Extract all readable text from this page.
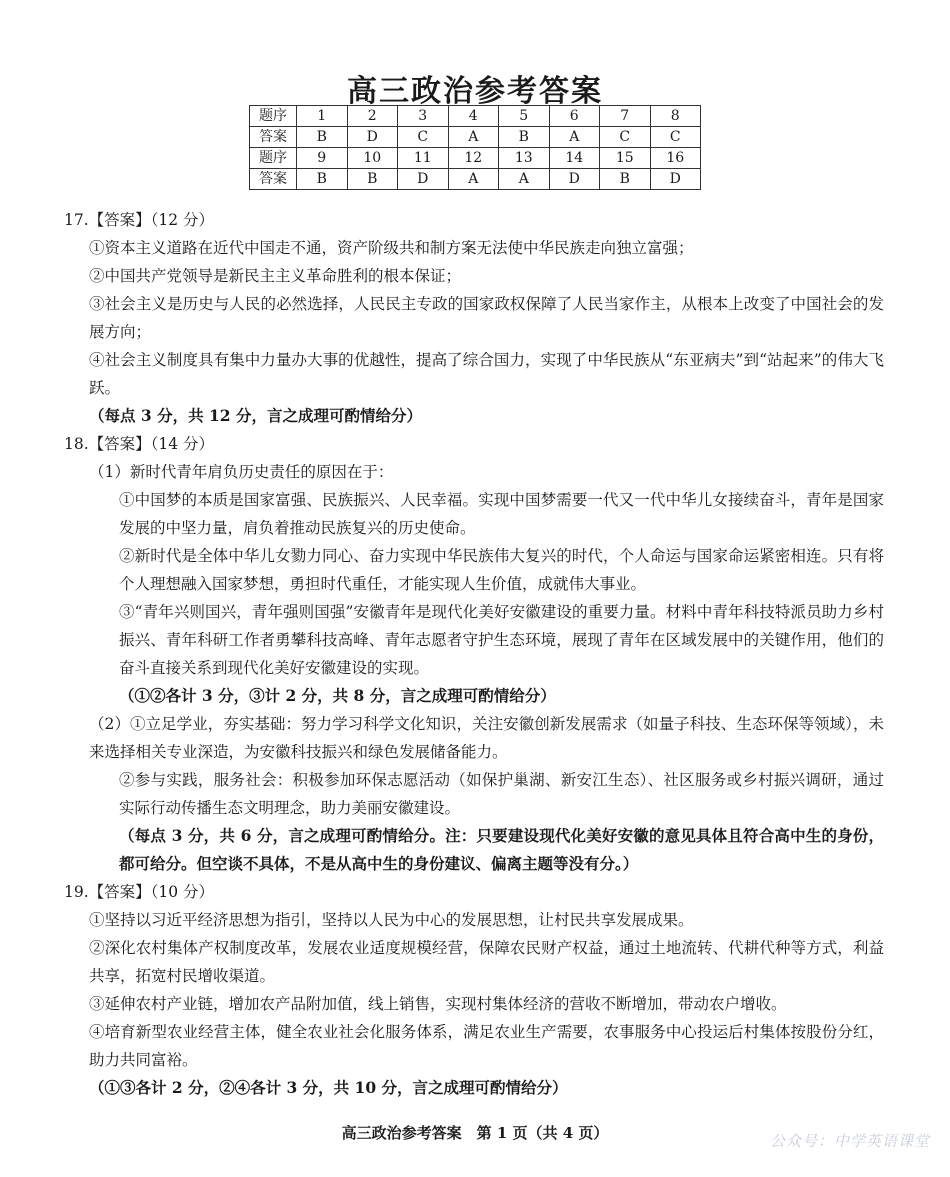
高三政治参考答案
题序	1	2	3	4	5	6	7	8
答案	B	D	C	A	B	A	C	C
题序	9	10	11	12	13	14	15	16
答案	B	B	D	A	A	D	B	D

17.【答案】（12 分）

①资本主义道路在近代中国走不通，资产阶级共和制方案无法使中华民族走向独立富强；

②中国共产党领导是新民主主义革命胜利的根本保证；

③社会主义是历史与人民的必然选择，人民民主专政的国家政权保障了人民当家作主，从根本上改变了中国社会的发展方向；

④社会主义制度具有集中力量办大事的优越性，提高了综合国力，实现了中华民族从“东亚病夫”到“站起来”的伟大飞跃。

（每点 3 分，共 12 分，言之成理可酌情给分）

18.【答案】（14 分）

（1）新时代青年肩负历史责任的原因在于：

①中国梦的本质是国家富强、民族振兴、人民幸福。实现中国梦需要一代又一代中华儿女接续奋斗，青年是国家发展的中坚力量，肩负着推动民族复兴的历史使命。

②新时代是全体中华儿女勠力同心、奋力实现中华民族伟大复兴的时代，个人命运与国家命运紧密相连。只有将个人理想融入国家梦想，勇担时代重任，才能实现人生价值，成就伟大事业。

③“青年兴则国兴，青年强则国强”安徽青年是现代化美好安徽建设的重要力量。材料中青年科技特派员助力乡村振兴、青年科研工作者勇攀科技高峰、青年志愿者守护生态环境，展现了青年在区域发展中的关键作用，他们的奋斗直接关系到现代化美好安徽建设的实现。

（①②各计 3 分，③计 2 分，共 8 分，言之成理可酌情给分）

（2）①立足学业，夯实基础：努力学习科学文化知识，关注安徽创新发展需求（如量子科技、生态环保等领域），未来选择相关专业深造，为安徽科技振兴和绿色发展储备能力。

②参与实践，服务社会：积极参加环保志愿活动（如保护巢湖、新安江生态）、社区服务或乡村振兴调研，通过实际行动传播生态文明理念，助力美丽安徽建设。

（每点 3 分，共 6 分，言之成理可酌情给分。注：只要建设现代化美好安徽的意见具体且符合高中生的身份，都可给分。但空谈不具体，不是从高中生的身份建议、偏离主题等没有分。）

19.【答案】（10 分）

①坚持以习近平经济思想为指引，坚持以人民为中心的发展思想，让村民共享发展成果。

②深化农村集体产权制度改革，发展农业适度规模经营，保障农民财产权益，通过土地流转、代耕代种等方式，利益共享，拓宽村民增收渠道。

③延伸农村产业链，增加农产品附加值，线上销售，实现村集体经济的营收不断增加，带动农户增收。

④培育新型农业经营主体，健全农业社会化服务体系，满足农业生产需要，农事服务中心投运后村集体按股份分红，助力共同富裕。

（①③各计 2 分，②④各计 3 分，共 10 分，言之成理可酌情给分）

高三政治参考答案　第 1 页（共 4 页）	公众号：中学英语课堂
